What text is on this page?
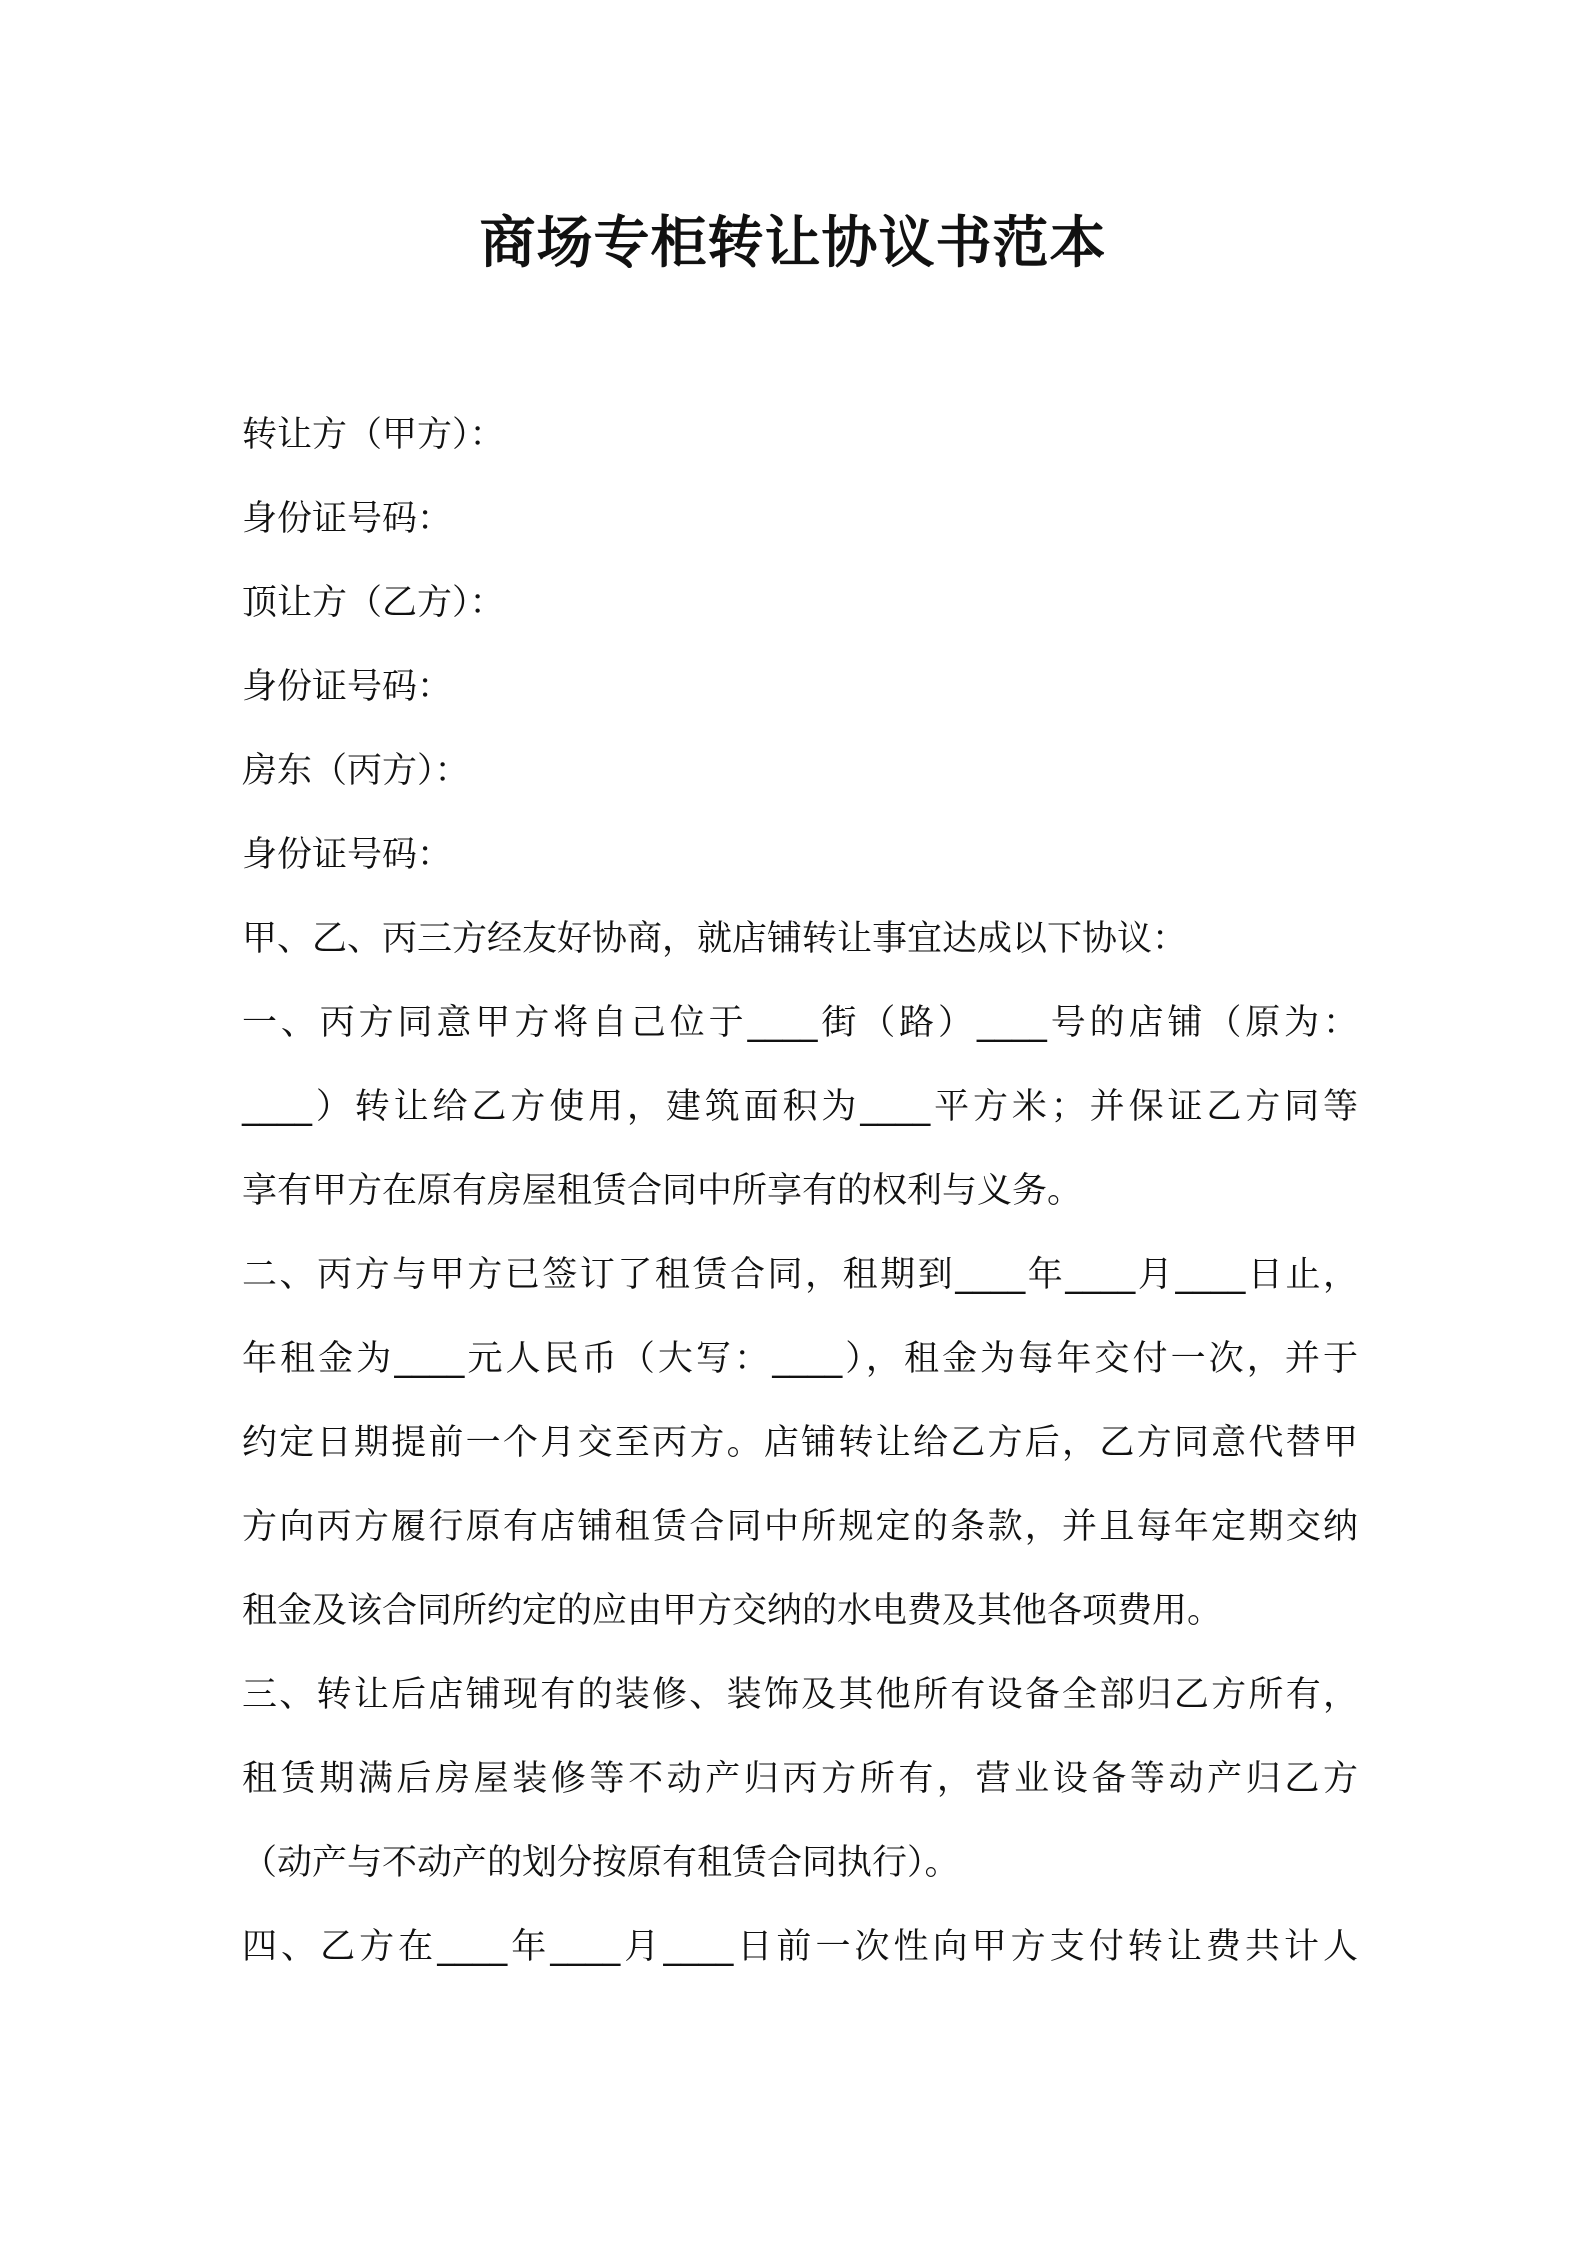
商场专柜转让协议书范本
转让方（甲方）：
身份证号码：
顶让方（乙方）：
身份证号码：
房东（丙方）：
身份证号码：
甲、乙、丙三方经友好协商，就店铺转让事宜达成以下协议：
一、丙方同意甲方将自己位于____街（路）____号的店铺（原为：
____）转让给乙方使用，建筑面积为____平方米；并保证乙方同等
享有甲方在原有房屋租赁合同中所享有的权利与义务。
二、丙方与甲方已签订了租赁合同，租期到____年____月____日止，
年租金为____元人民币（大写：____），租金为每年交付一次，并于
约定日期提前一个月交至丙方。店铺转让给乙方后，乙方同意代替甲
方向丙方履行原有店铺租赁合同中所规定的条款，并且每年定期交纳
租金及该合同所约定的应由甲方交纳的水电费及其他各项费用。
三、转让后店铺现有的装修、装饰及其他所有设备全部归乙方所有，
租赁期满后房屋装修等不动产归丙方所有，营业设备等动产归乙方
（动产与不动产的划分按原有租赁合同执行）。
四、乙方在____年____月____日前一次性向甲方支付转让费共计人
